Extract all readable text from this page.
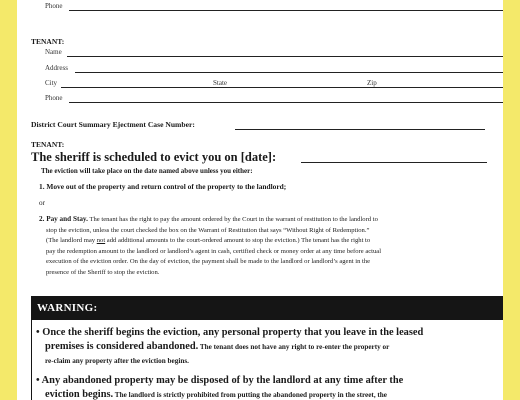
Phone
TENANT:
Name
Address
City	State	Zip
Phone
District Court Summary Ejectment Case Number:
TENANT:
The sheriff is scheduled to evict you on [date]:
The eviction will take place on the date named above unless you either:
1. Move out of the property and return control of the property to the landlord;
or
2. Pay and Stay. The tenant has the right to pay the amount ordered by the Court in the warrant of restitution to the landlord to
stop the eviction, unless the court checked the box on the Warrant of Restitution that says “Without Right of Redemption.”
(The landlord may not add additional amounts to the court-ordered amount to stop the eviction.) The tenant has the right to
pay the redemption amount to the landlord or landlord’s agent in cash, certified check or money order at any time before actual
execution of the eviction order. On the day of eviction, the payment shall be made to the landlord or landlord’s agent in the
presence of the Sheriff to stop the eviction.
WARNING:
• Once the sheriff begins the eviction, any personal property that you leave in the leased
premises is considered abandoned. The tenant does not have any right to re-enter the property or
re-claim any property after the eviction begins.
• Any abandoned property may be disposed of by the landlord at any time after the
eviction begins. The landlord is strictly prohibited from putting the abandoned property in the street, the
